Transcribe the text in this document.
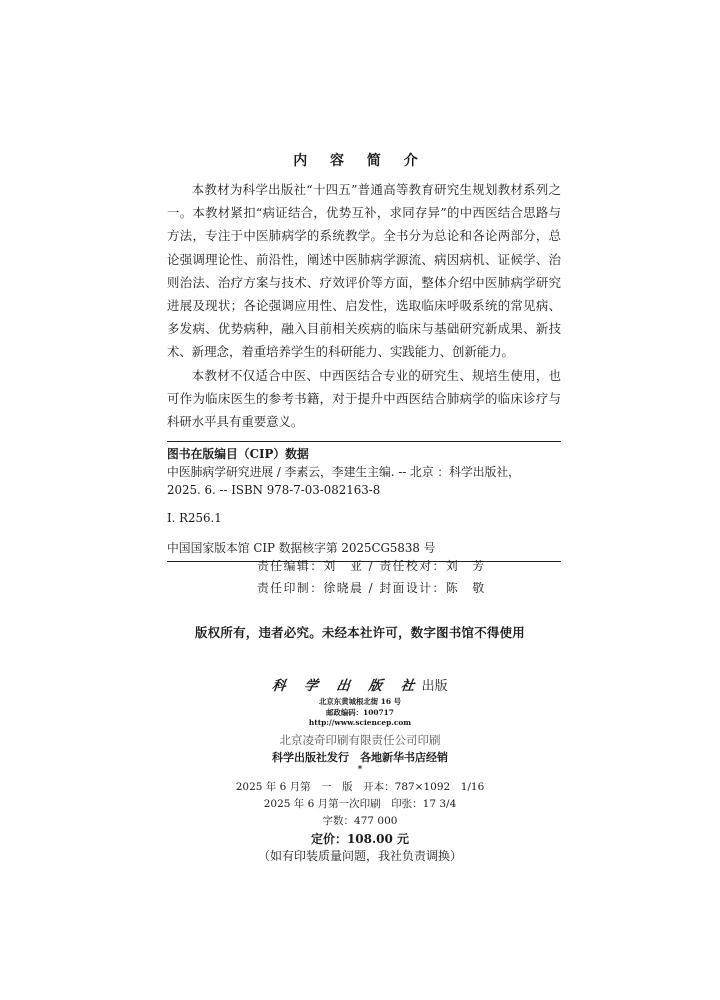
内 容 简 介

本教材为科学出版社“十四五”普通高等教育研究生规划教材系列之一。本教材紧扣“病证结合，优势互补，求同存异”的中西医结合思路与方法，专注于中医肺病学的系统教学。全书分为总论和各论两部分，总论强调理论性、前沿性，阐述中医肺病学源流、病因病机、证候学、治则治法、治疗方案与技术、疗效评价等方面，整体介绍中医肺病学研究进展及现状；各论强调应用性、启发性，选取临床呼吸系统的常见病、多发病、优势病种，融入目前相关疾病的临床与基础研究新成果、新技术、新理念，着重培养学生的科研能力、实践能力、创新能力。

本教材不仅适合中医、中西医结合专业的研究生、规培生使用，也可作为临床医生的参考书籍，对于提升中西医结合肺病学的临床诊疗与科研水平具有重要意义。

图书在版编目（CIP）数据
中医肺病学研究进展 / 李素云，李建生主编. -- 北京 ：科学出版社，
2025. 6. -- ISBN 978-7-03-082163-8
Ⅰ. R256.1
中国国家版本馆 CIP 数据核字第 2025CG5838 号
责任编辑：刘　亚 / 责任校对：刘　芳
责任印制：徐晓晨 / 封面设计：陈　敬
版权所有，违者必究。未经本社许可，数字图书馆不得使用
科 学 出 版 社出版
北京东黄城根北街 16 号
邮政编码：100717
http://www.sciencep.com
北京凌奇印刷有限责任公司印刷
科学出版社发行　各地新华书店经销
*
2025 年 6 月第　一　版　开本：787×1092　1/16
2025 年 6 月第一次印刷　印张：17 3/4
字数：477 000
定价：108.00 元
（如有印装质量问题，我社负责调换）
